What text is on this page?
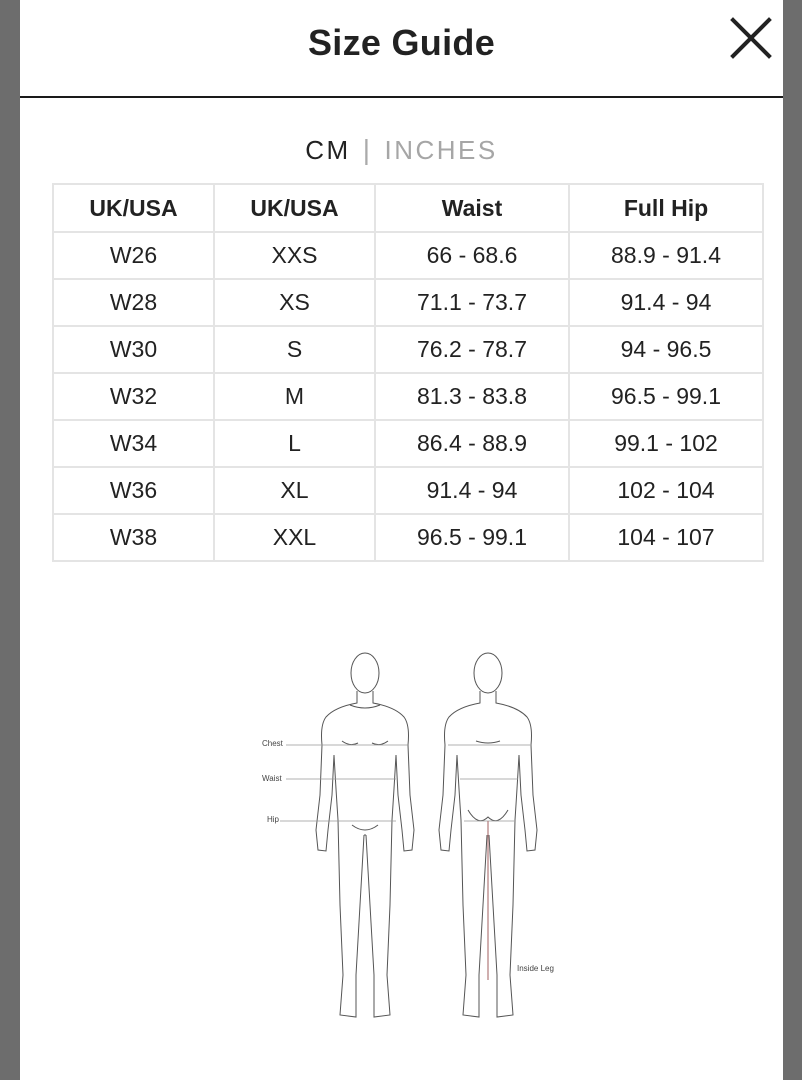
Size Guide
CM | INCHES
UK/USA	UK/USA	Waist	Full Hip
W26	XXS	66 - 68.6	88.9 - 91.4
W28	XS	71.1 - 73.7	91.4 - 94
W30	S	76.2 - 78.7	94 - 96.5
W32	M	81.3 - 83.8	96.5 - 99.1
W34	L	86.4 - 88.9	99.1 - 102
W36	XL	91.4 - 94	102 - 104
W38	XXL	96.5 - 99.1	104 - 107
Chest
Waist
Hip
Inside Leg
